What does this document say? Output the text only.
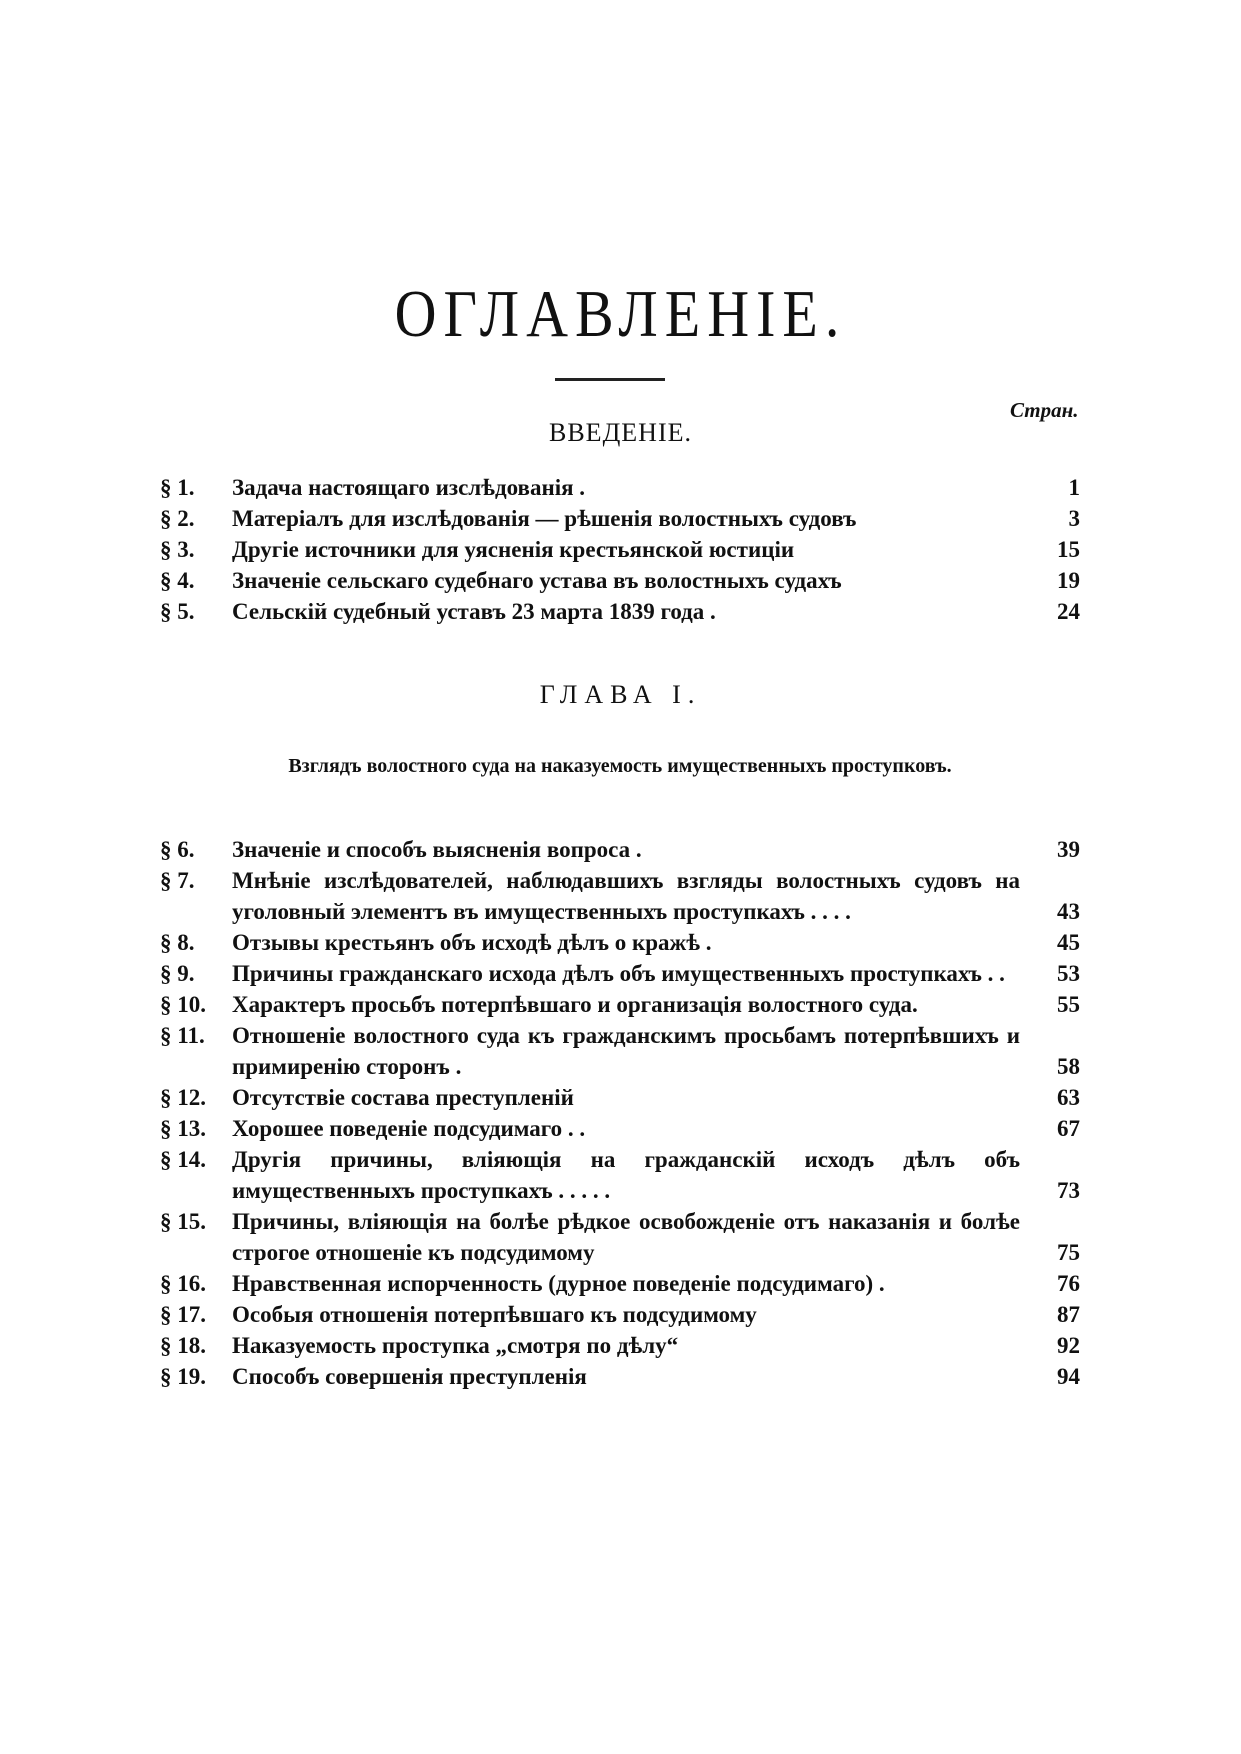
ОГЛАВЛЕНІЕ.
Стран.
ВВЕДЕНІЕ.
§ 1.	Задача настоящаго изслѣдованія .	1
§ 2.	Матеріалъ для изслѣдованія — рѣшенія волостныхъ судовъ	3
§ 3.	Другіе источники для уясненія крестьянской юстиціи	15
§ 4.	Значеніе сельскаго судебнаго устава въ волостныхъ судахъ	19
§ 5.	Сельскій судебный уставъ 23 марта 1839 года .	24
ГЛАВА I.
Взглядъ волостного суда на наказуемость имущественныхъ проступковъ.
§ 6.	Значеніе и способъ выясненія вопроса .	39
§ 7.	Мнѣніе изслѣдователей, наблюдавшихъ взгляды волостныхъ судовъ на уголовный элементъ въ имущественныхъ проступкахъ . . . .	43
§ 8.	Отзывы крестьянъ объ исходѣ дѣлъ о кражѣ .	45
§ 9.	Причины гражданскаго исхода дѣлъ объ имущественныхъ проступкахъ . .	53
§ 10.	Характеръ просьбъ потерпѣвшаго и организація волостного суда.	55
§ 11.	Отношеніе волостного суда къ гражданскимъ просьбамъ потерпѣвшихъ и примиренію сторонъ .	58
§ 12.	Отсутствіе состава преступленій	63
§ 13.	Хорошее поведеніе подсудимаго . .	67
§ 14.	Другія причины, вліяющія на гражданскій исходъ дѣлъ объ имущественныхъ проступкахъ . . . . .	73
§ 15.	Причины, вліяющія на болѣе рѣдкое освобожденіе отъ наказанія и болѣе строгое отношеніе къ подсудимому	75
§ 16.	Нравственная испорченность (дурное поведеніе подсудимаго) .	76
§ 17.	Особыя отношенія потерпѣвшаго къ подсудимому	87
§ 18.	Наказуемость проступка „смотря по дѣлу“	92
§ 19.	Способъ совершенія преступленія	94
